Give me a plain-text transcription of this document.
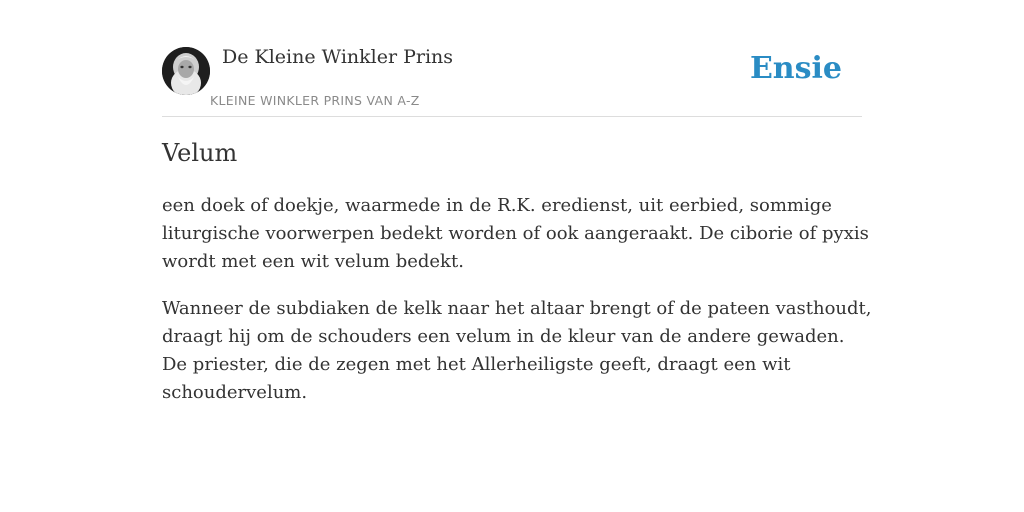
De Kleine Winkler Prins
KLEINE WINKLER PRINS VAN A-Z
Ensie
Velum

een doek of doekje, waarmede in de R.K. eredienst, uit eerbied, sommige liturgische voorwerpen bedekt worden of ook aangeraakt. De ciborie of pyxis wordt met een wit velum bedekt.

Wanneer de subdiaken de kelk naar het altaar brengt of de pateen vasthoudt, draagt hij om de schouders een velum in de kleur van de andere gewaden. De priester, die de zegen met het Allerheiligste geeft, draagt een wit schoudervelum.
